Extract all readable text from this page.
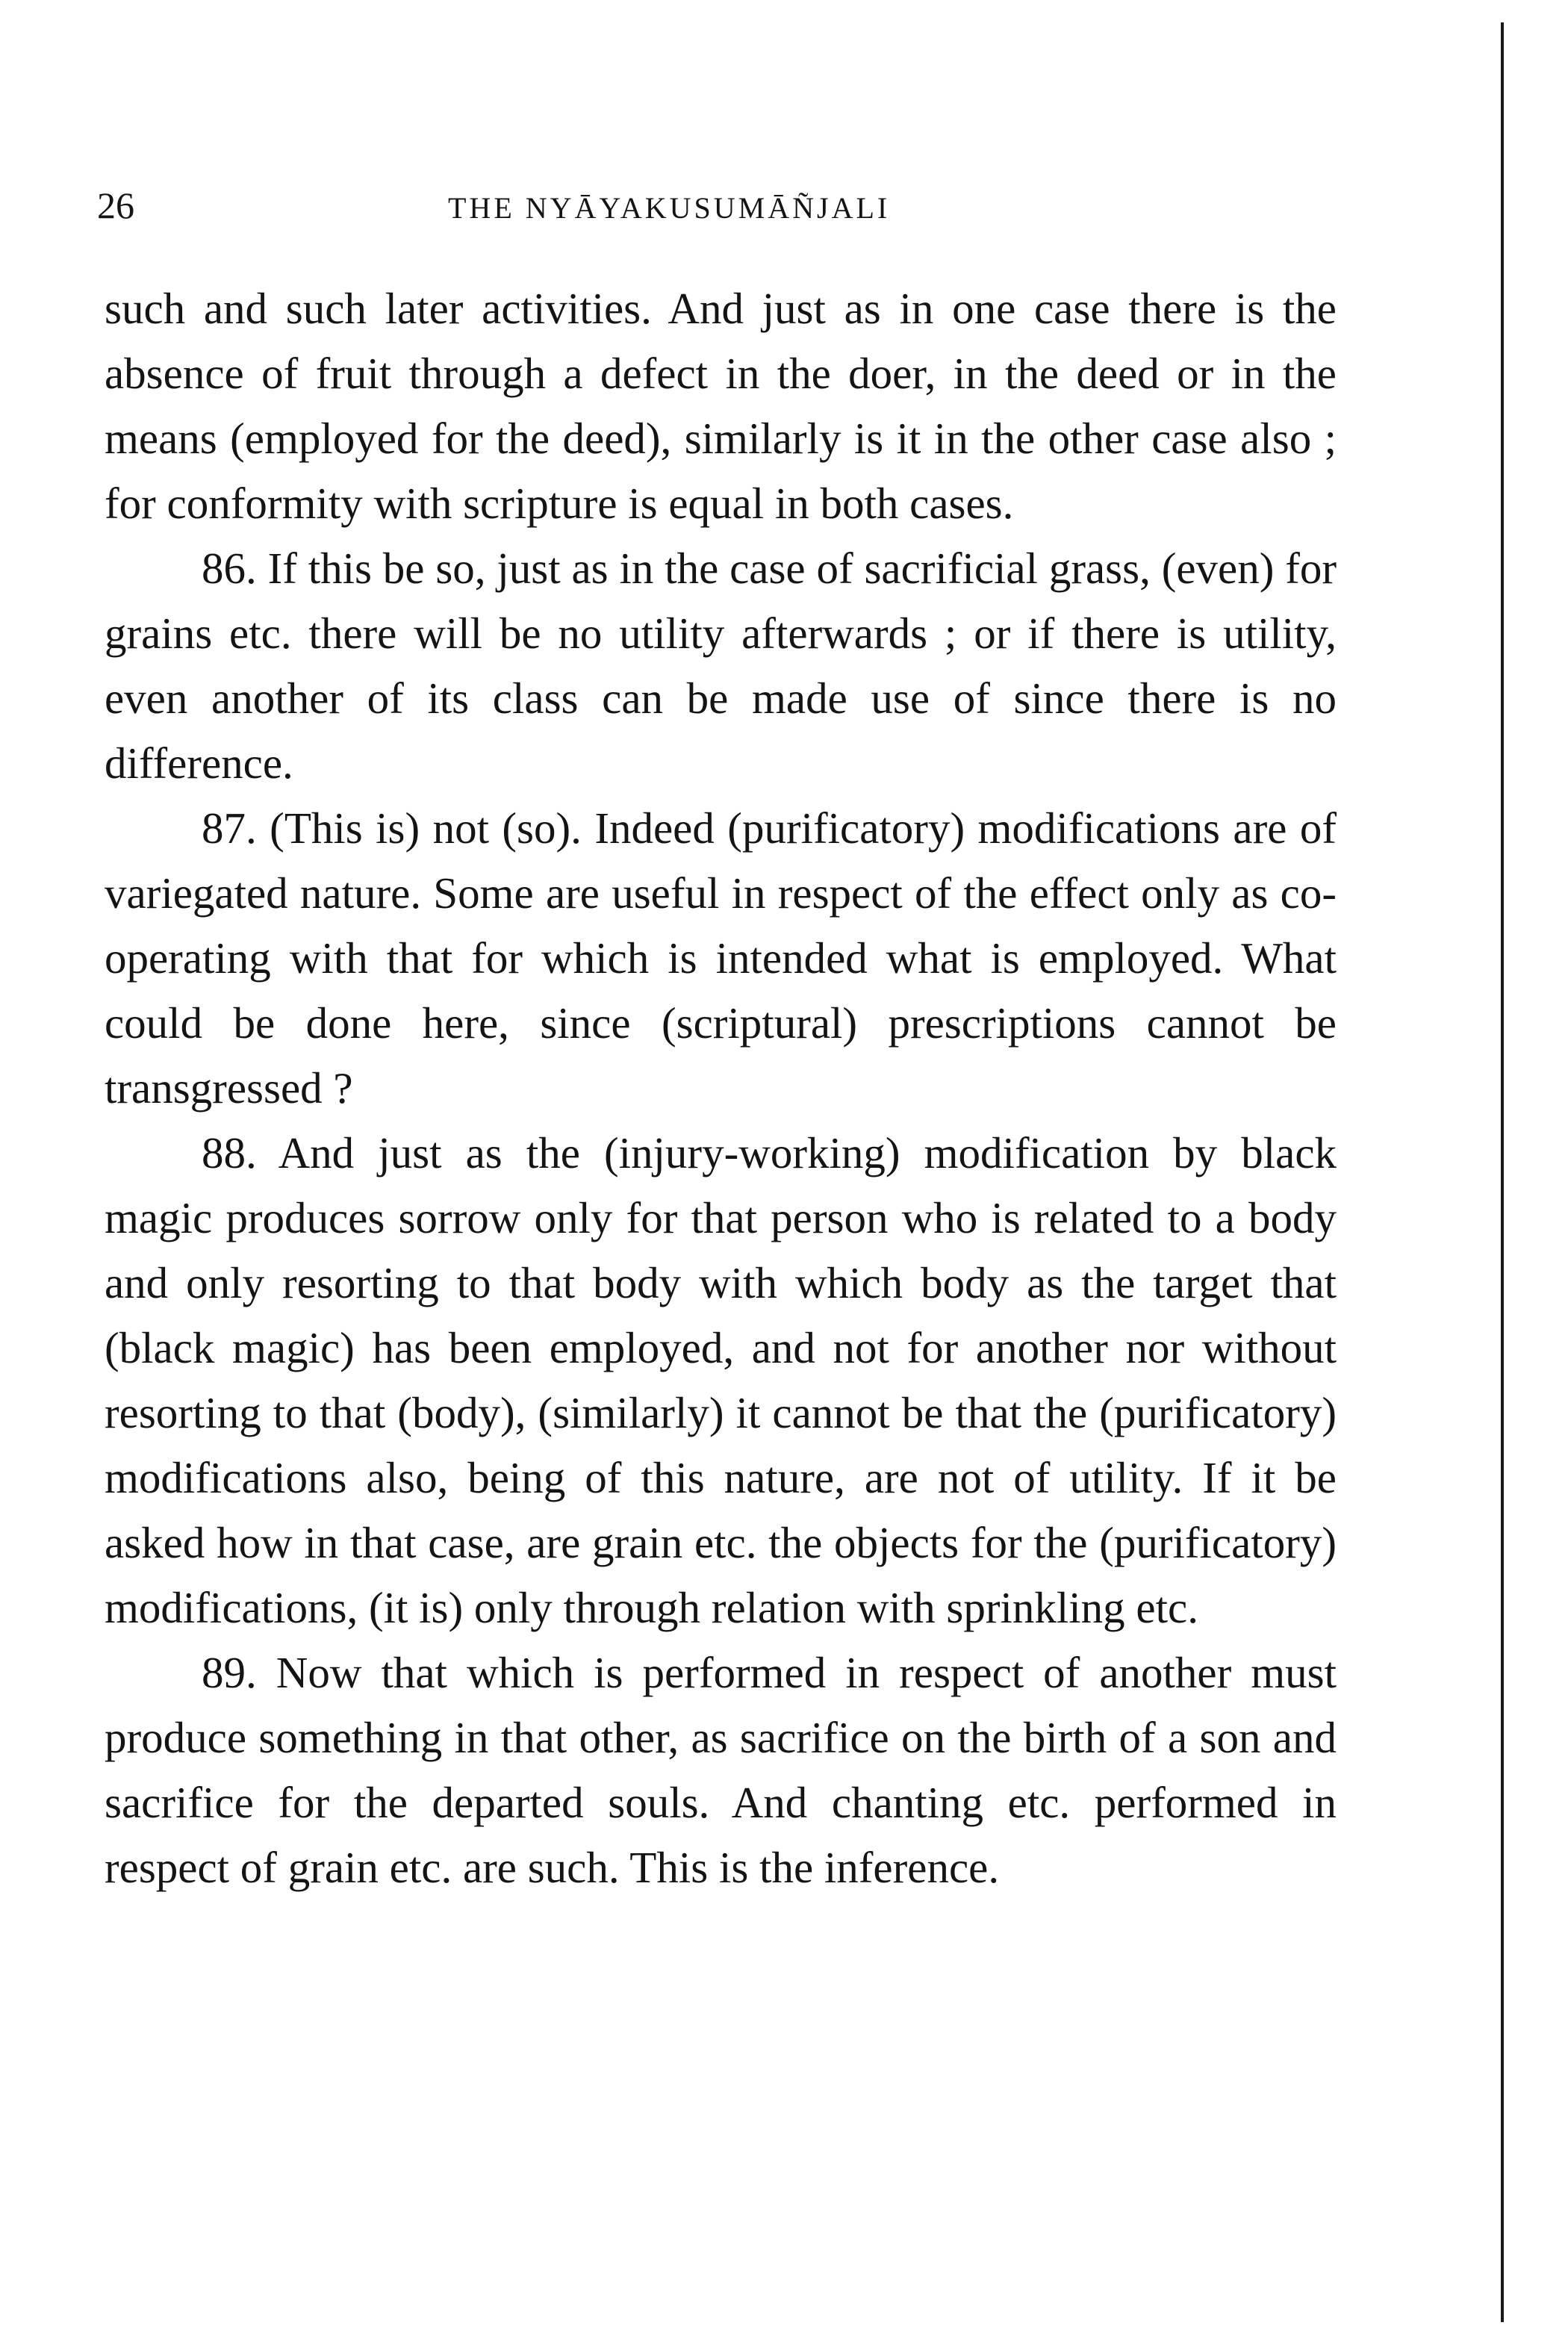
26	THE NYĀYAKUSUMĀÑJALI

such and such later activities. And just as in one case there is the absence of fruit through a defect in the doer, in the deed or in the means (employed for the deed), similarly is it in the other case also ; for conformity with scripture is equal in both cases.

86. If this be so, just as in the case of sacrificial grass, (even) for grains etc. there will be no utility afterwards ; or if there is utility, even another of its class can be made use of since there is no difference.

87. (This is) not (so). Indeed (purificatory) modifications are of variegated nature. Some are useful in respect of the effect only as co-operating with that for which is intended what is employed. What could be done here, since (scriptural) prescriptions cannot be transgressed ?

88. And just as the (injury-working) modification by black magic produces sorrow only for that person who is related to a body and only resorting to that body with which body as the target that (black magic) has been employed, and not for another nor without resorting to that (body), (similarly) it cannot be that the (purificatory) modifications also, being of this nature, are not of utility. If it be asked how in that case, are grain etc. the objects for the (purificatory) modifications, (it is) only through relation with sprinkling etc.

89. Now that which is performed in respect of another must produce something in that other, as sacrifice on the birth of a son and sacrifice for the departed souls. And chanting etc. performed in respect of grain etc. are such. This is the inference.
